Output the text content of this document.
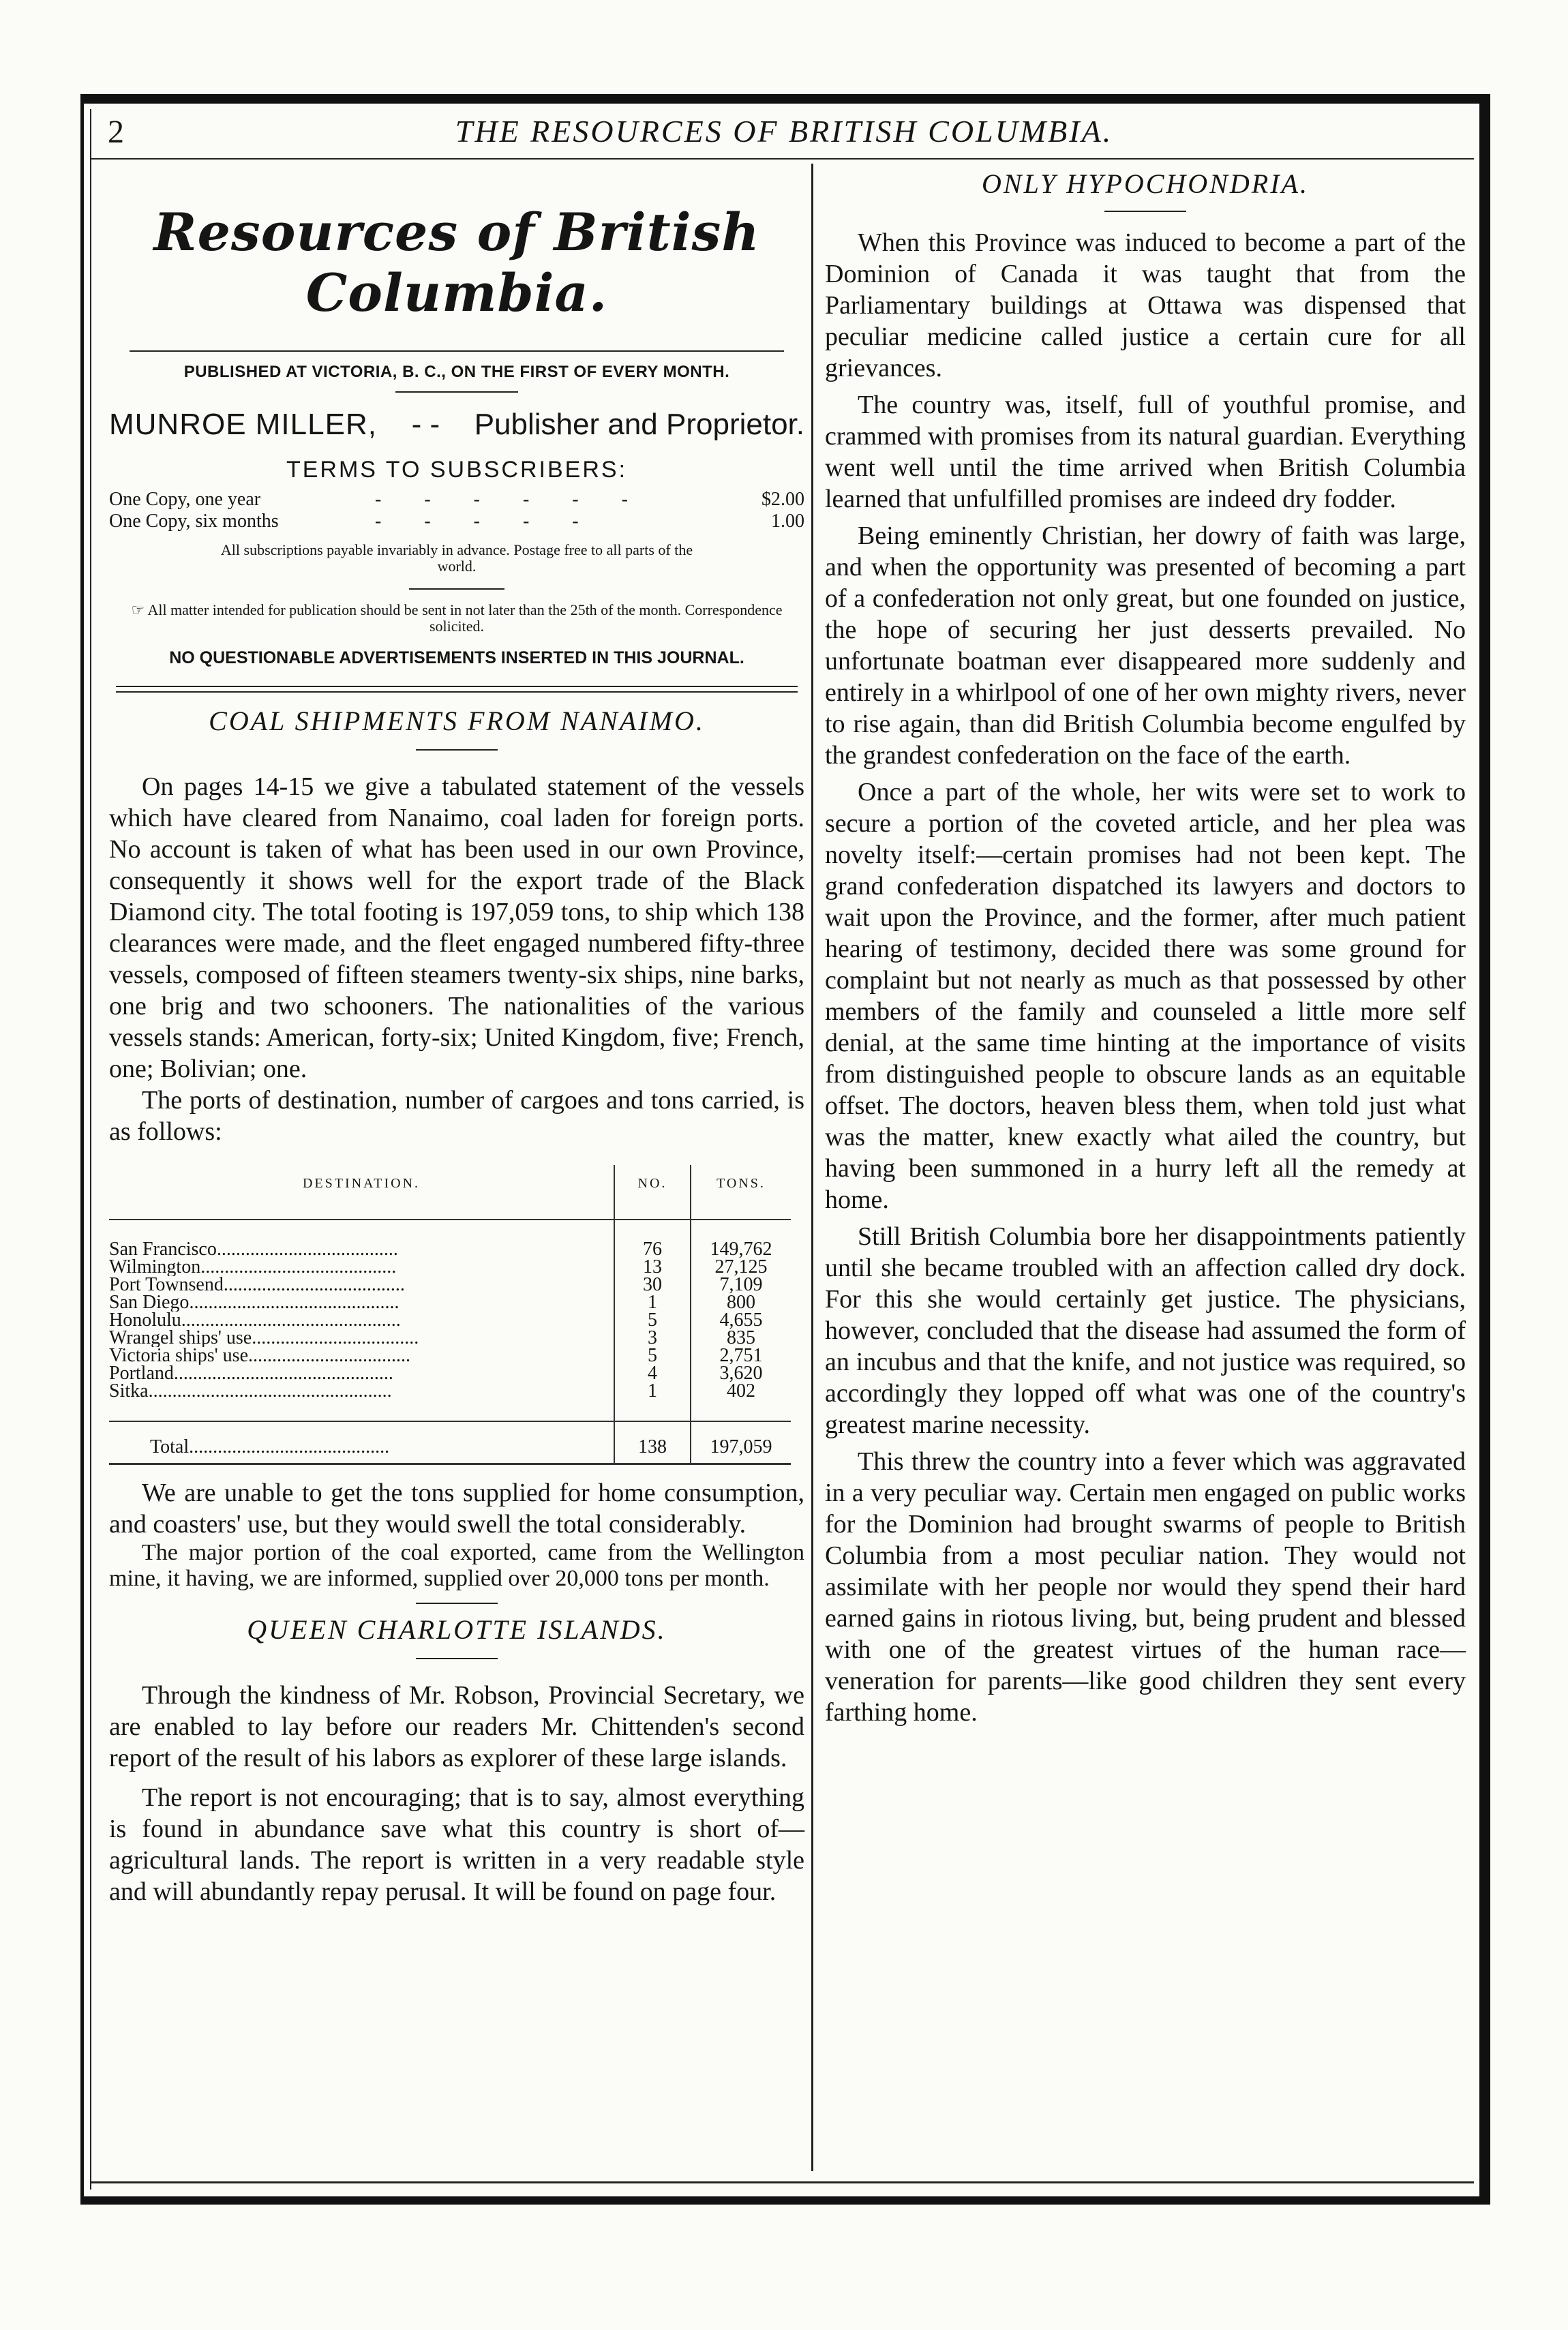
2	THE RESOURCES OF BRITISH COLUMBIA.
Resources of British Columbia.
PUBLISHED AT VICTORIA, B. C., ON THE FIRST OF EVERY MONTH.
MUNROE MILLER, - - Publisher and Proprietor.
TERMS TO SUBSCRIBERS:
One Copy, one year	- - - - - -	$2.00
One Copy, six months	- - - - -	1.00
All subscriptions payable invariably in advance. Postage free to all parts of the world.
☞ All matter intended for publication should be sent in not later than the 25th of the month. Correspondence solicited.
NO QUESTIONABLE ADVERTISEMENTS INSERTED IN THIS JOURNAL.
COAL SHIPMENTS FROM NANAIMO.

On pages 14-15 we give a tabulated statement of the vessels which have cleared from Nanaimo, coal laden for foreign ports. No account is taken of what has been used in our own Province, consequently it shows well for the export trade of the Black Diamond city. The total footing is 197,059 tons, to ship which 138 clearances were made, and the fleet engaged numbered fifty-three vessels, composed of fifteen steamers twenty-six ships, nine barks, one brig and two schooners. The nationalities of the various vessels stands: American, forty-six; United Kingdom, five; French, one; Bolivian; one.

The ports of destination, number of cargoes and tons carried, is as follows:

DESTINATION.	NO.	TONS.

San Francisco......................................	76	149,762
Wilmington.........................................	13	27,125
Port Townsend......................................	30	7,109
San Diego............................................	1	800
Honolulu..............................................	5	4,655
Wrangel ships' use...................................	3	835
Victoria ships' use..................................	5	2,751
Portland..............................................	4	3,620
Sitka...................................................	1	402

Total..........................................	138	197,059

We are unable to get the tons supplied for home consumption, and coasters' use, but they would swell the total considerably.

The major portion of the coal exported, came from the Wellington mine, it having, we are informed, supplied over 20,000 tons per month.

QUEEN CHARLOTTE ISLANDS.

Through the kindness of Mr. Robson, Provincial Secretary, we are enabled to lay before our readers Mr. Chittenden's second report of the result of his labors as explorer of these large islands.

The report is not encouraging; that is to say, almost everything is found in abundance save what this country is short of—agricultural lands. The report is written in a very readable style and will abundantly repay perusal. It will be found on page four.

ONLY HYPOCHONDRIA.

When this Province was induced to become a part of the Dominion of Canada it was taught that from the Parliamentary buildings at Ottawa was dispensed that peculiar medicine called justice a certain cure for all grievances.

The country was, itself, full of youthful promise, and crammed with promises from its natural guardian. Everything went well until the time arrived when British Columbia learned that unfulfilled promises are indeed dry fodder.

Being eminently Christian, her dowry of faith was large, and when the opportunity was presented of becoming a part of a confederation not only great, but one founded on justice, the hope of securing her just desserts prevailed. No unfortunate boatman ever disappeared more suddenly and entirely in a whirlpool of one of her own mighty rivers, never to rise again, than did British Columbia become engulfed by the grandest confederation on the face of the earth.

Once a part of the whole, her wits were set to work to secure a portion of the coveted article, and her plea was novelty itself:—certain promises had not been kept. The grand confederation dispatched its lawyers and doctors to wait upon the Province, and the former, after much patient hearing of testimony, decided there was some ground for complaint but not nearly as much as that possessed by other members of the family and counseled a little more self denial, at the same time hinting at the importance of visits from distinguished people to obscure lands as an equitable offset. The doctors, heaven bless them, when told just what was the matter, knew exactly what ailed the country, but having been summoned in a hurry left all the remedy at home.

Still British Columbia bore her disappointments patiently until she became troubled with an affection called dry dock. For this she would certainly get justice. The physicians, however, concluded that the disease had assumed the form of an incubus and that the knife, and not justice was required, so accordingly they lopped off what was one of the country's greatest marine necessity.

This threw the country into a fever which was aggravated in a very peculiar way. Certain men engaged on public works for the Dominion had brought swarms of people to British Columbia from a most peculiar nation. They would not assimilate with her people nor would they spend their hard earned gains in riotous living, but, being prudent and blessed with one of the greatest virtues of the human race—veneration for parents—like good children they sent every farthing home.
